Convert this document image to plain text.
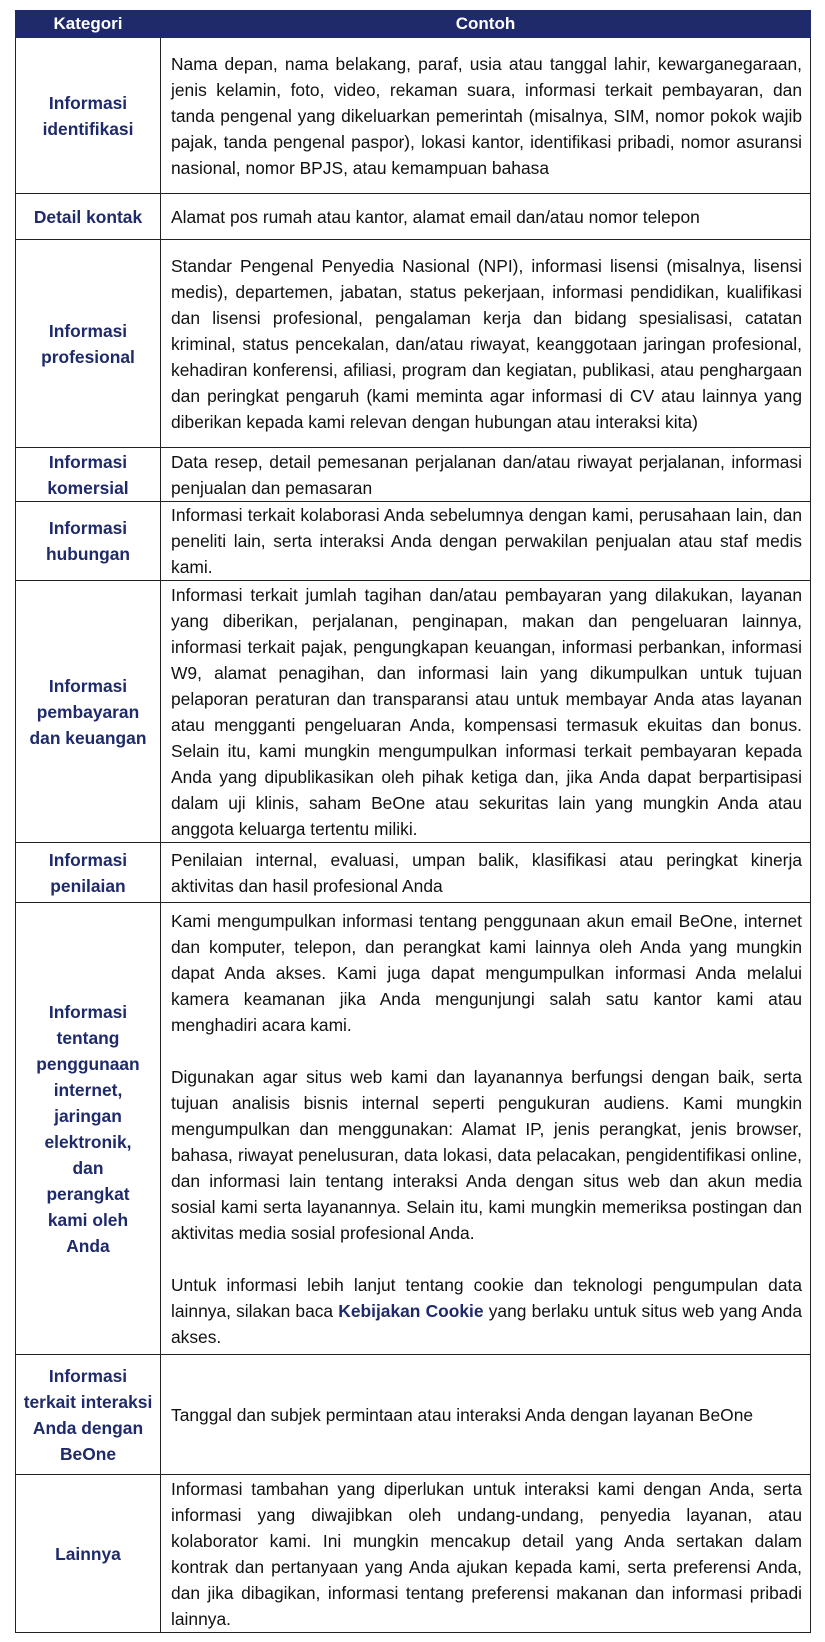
Kategori	Contoh
Informasi identifikasi	Nama depan, nama belakang, paraf, usia atau tanggal lahir, kewarganegaraan, jenis kelamin, foto, video, rekaman suara, informasi terkait pembayaran, dan tanda pengenal yang dikeluarkan pemerintah (misalnya, SIM, nomor pokok wajib pajak, tanda pengenal paspor), lokasi kantor, identifikasi pribadi, nomor asuransi nasional, nomor BPJS, atau kemampuan bahasa
Detail kontak	Alamat pos rumah atau kantor, alamat email dan/atau nomor telepon
Informasi profesional	Standar Pengenal Penyedia Nasional (NPI), informasi lisensi (misalnya, lisensi medis), departemen, jabatan, status pekerjaan, informasi pendidikan, kualifikasi dan lisensi profesional, pengalaman kerja dan bidang spesialisasi, catatan kriminal, status pencekalan, dan/atau riwayat, keanggotaan jaringan profesional, kehadiran konferensi, afiliasi, program dan kegiatan, publikasi, atau penghargaan dan peringkat pengaruh (kami meminta agar informasi di CV atau lainnya yang diberikan kepada kami relevan dengan hubungan atau interaksi kita)
Informasi komersial	Data resep, detail pemesanan perjalanan dan/atau riwayat perjalanan, informasi penjualan dan pemasaran
Informasi hubungan	Informasi terkait kolaborasi Anda sebelumnya dengan kami, perusahaan lain, dan peneliti lain, serta interaksi Anda dengan perwakilan penjualan atau staf medis kami.
Informasi pembayaran dan keuangan	Informasi terkait jumlah tagihan dan/atau pembayaran yang dilakukan, layanan yang diberikan, perjalanan, penginapan, makan dan pengeluaran lainnya, informasi terkait pajak, pengungkapan keuangan, informasi perbankan, informasi W9, alamat penagihan, dan informasi lain yang dikumpulkan untuk tujuan pelaporan peraturan dan transparansi atau untuk membayar Anda atas layanan atau mengganti pengeluaran Anda, kompensasi termasuk ekuitas dan bonus. Selain itu, kami mungkin mengumpulkan informasi terkait pembayaran kepada Anda yang dipublikasikan oleh pihak ketiga dan, jika Anda dapat berpartisipasi dalam uji klinis, saham BeOne atau sekuritas lain yang mungkin Anda atau anggota keluarga tertentu miliki.
Informasi penilaian	Penilaian internal, evaluasi, umpan balik, klasifikasi atau peringkat kinerja aktivitas dan hasil profesional Anda
Informasi tentang penggunaan internet, jaringan elektronik, dan perangkat kami oleh Anda	Kami mengumpulkan informasi tentang penggunaan akun email BeOne, internet dan komputer, telepon, dan perangkat kami lainnya oleh Anda yang mungkin dapat Anda akses. Kami juga dapat mengumpulkan informasi Anda melalui kamera keamanan jika Anda mengunjungi salah satu kantor kami atau menghadiri acara kami.

Digunakan agar situs web kami dan layanannya berfungsi dengan baik, serta tujuan analisis bisnis internal seperti pengukuran audiens. Kami mungkin mengumpulkan dan menggunakan: Alamat IP, jenis perangkat, jenis browser, bahasa, riwayat penelusuran, data lokasi, data pelacakan, pengidentifikasi online, dan informasi lain tentang interaksi Anda dengan situs web dan akun media sosial kami serta layanannya. Selain itu, kami mungkin memeriksa postingan dan aktivitas media sosial profesional Anda.

Untuk informasi lebih lanjut tentang cookie dan teknologi pengumpulan data lainnya, silakan baca Kebijakan Cookie yang berlaku untuk situs web yang Anda akses.

Informasi terkait interaksi Anda dengan BeOne	Tanggal dan subjek permintaan atau interaksi Anda dengan layanan BeOne
Lainnya	Informasi tambahan yang diperlukan untuk interaksi kami dengan Anda, serta informasi yang diwajibkan oleh undang-undang, penyedia layanan, atau kolaborator kami. Ini mungkin mencakup detail yang Anda sertakan dalam kontrak dan pertanyaan yang Anda ajukan kepada kami, serta preferensi Anda, dan jika dibagikan, informasi tentang preferensi makanan dan informasi pribadi lainnya.
